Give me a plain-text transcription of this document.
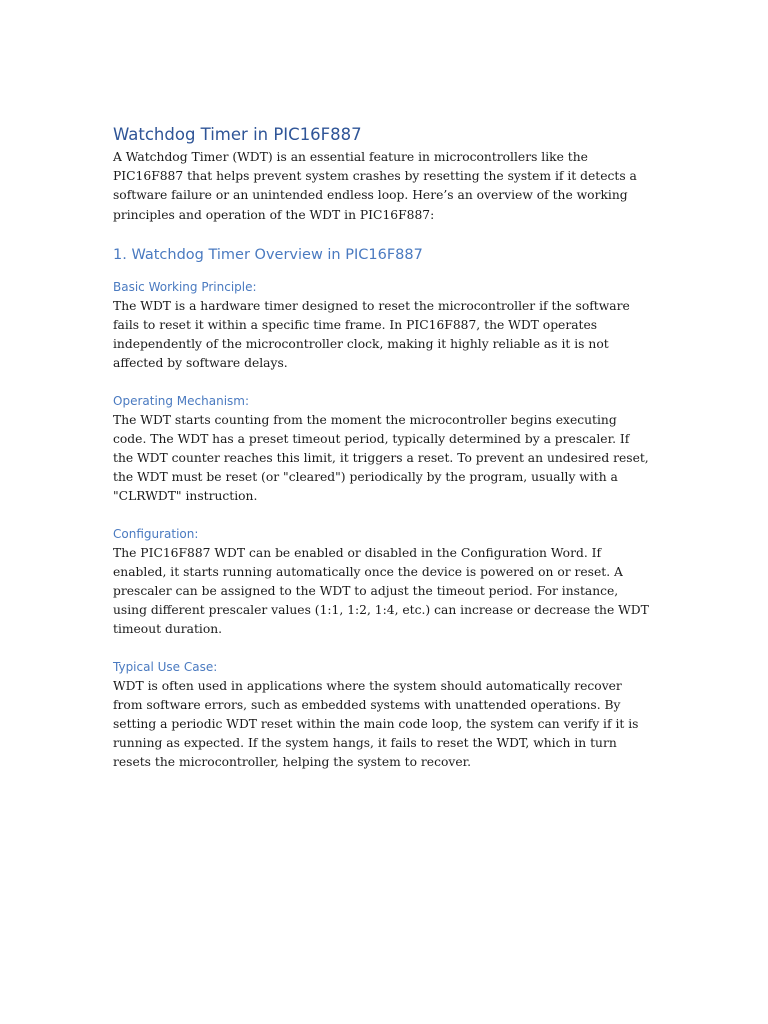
Watchdog Timer in PIC16F887

A Watchdog Timer (WDT) is an essential feature in microcontrollers like the PIC16F887 that helps prevent system crashes by resetting the system if it detects a software failure or an unintended endless loop. Here’s an overview of the working principles and operation of the WDT in PIC16F887:

1. Watchdog Timer Overview in PIC16F887
Basic Working Principle:

The WDT is a hardware timer designed to reset the microcontroller if the software fails to reset it within a specific time frame. In PIC16F887, the WDT operates independently of the microcontroller clock, making it highly reliable as it is not affected by software delays.

Operating Mechanism:

The WDT starts counting from the moment the microcontroller begins executing code. The WDT has a preset timeout period, typically determined by a prescaler. If the WDT counter reaches this limit, it triggers a reset. To prevent an undesired reset, the WDT must be reset (or "cleared") periodically by the program, usually with a "CLRWDT" instruction.

Configuration:

The PIC16F887 WDT can be enabled or disabled in the Configuration Word. If enabled, it starts running automatically once the device is powered on or reset. A prescaler can be assigned to the WDT to adjust the timeout period. For instance, using different prescaler values (1:1, 1:2, 1:4, etc.) can increase or decrease the WDT timeout duration.

Typical Use Case:

WDT is often used in applications where the system should automatically recover from software errors, such as embedded systems with unattended operations. By setting a periodic WDT reset within the main code loop, the system can verify if it is running as expected. If the system hangs, it fails to reset the WDT, which in turn resets the microcontroller, helping the system to recover.
